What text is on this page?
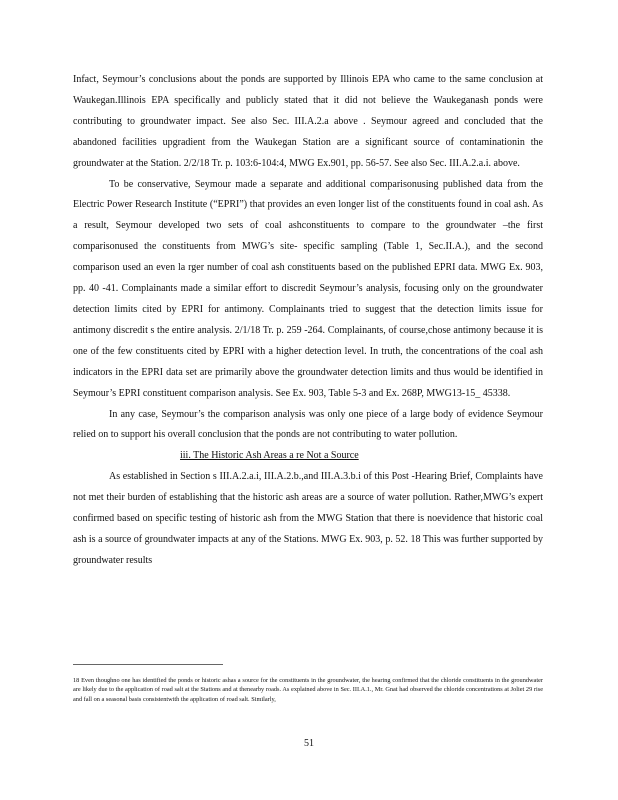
Infact, Seymour’s conclusions about the ponds are supported by Illinois EPA who came to the same conclusion at Waukegan.Illinois EPA specifically and publicly stated that it did not believe the Waukeganash ponds were contributing to groundwater impact. See also Sec. III.A.2.a above . Seymour agreed and concluded that the abandoned facilities upgradient from the Waukegan Station are a significant source of contaminationin the groundwater at the Station. 2/2/18 Tr. p. 103:6-104:4, MWG Ex.901, pp. 56-57. See also Sec. III.A.2.a.i. above.

To be conservative, Seymour made a separate and additional comparisonusing published data from the Electric Power Research Institute (“EPRI”) that provides an even longer list of the constituents found in coal ash. As a result, Seymour developed two sets of coal ashconstituents to compare to the groundwater –the first comparisonused the constituents from MWG’s site- specific sampling (Table 1, Sec.II.A.), and the second comparison used an even la rger number of coal ash constituents based on the published EPRI data. MWG Ex. 903, pp. 40 -41. Complainants made a similar effort to discredit Seymour’s analysis, focusing only on the groundwater detection limits cited by EPRI for antimony. Complainants tried to suggest that the detection limits issue for antimony discredit s the entire analysis. 2/1/18 Tr. p. 259 -264. Complainants, of course,chose antimony because it is one of the few constituents cited by EPRI with a higher detection level. In truth, the concentrations of the coal ash indicators in the EPRI data set are primarily above the groundwater detection limits and thus would be identified in Seymour’s EPRI constituent comparison analysis. See Ex. 903, Table 5-3 and Ex. 268P, MWG13-15_ 45338.

In any case, Seymour’s the comparison analysis was only one piece of a large body of evidence Seymour relied on to support his overall conclusion that the ponds are not contributing to water pollution.

iii. The Historic Ash Areas a re Not a Source

As established in Section s III.A.2.a.i, III.A.2.b.,and III.A.3.b.i of this Post -Hearing Brief, Complaints have not met their burden of establishing that the historic ash areas are a source of water pollution. Rather,MWG’s expert confirmed based on specific testing of historic ash from the MWG Station that there is noevidence that historic coal ash is a source of groundwater impacts at any of the Stations. MWG Ex. 903, p. 52. 18 This was further supported by groundwater results

18 Even thoughno one has identified the ponds or historic ashas a source for the constituents in the groundwater, the hearing confirmed that the chloride constituents in the groundwater are likely due to the application of road salt at the Stations and at thenearby roads. As explained above in Sec. III.A.1., Mr. Gnat had observed the chloride concentrations at Joliet 29 rise and fall on a seasonal basis consistentwith the application of road salt. Similarly,
51
